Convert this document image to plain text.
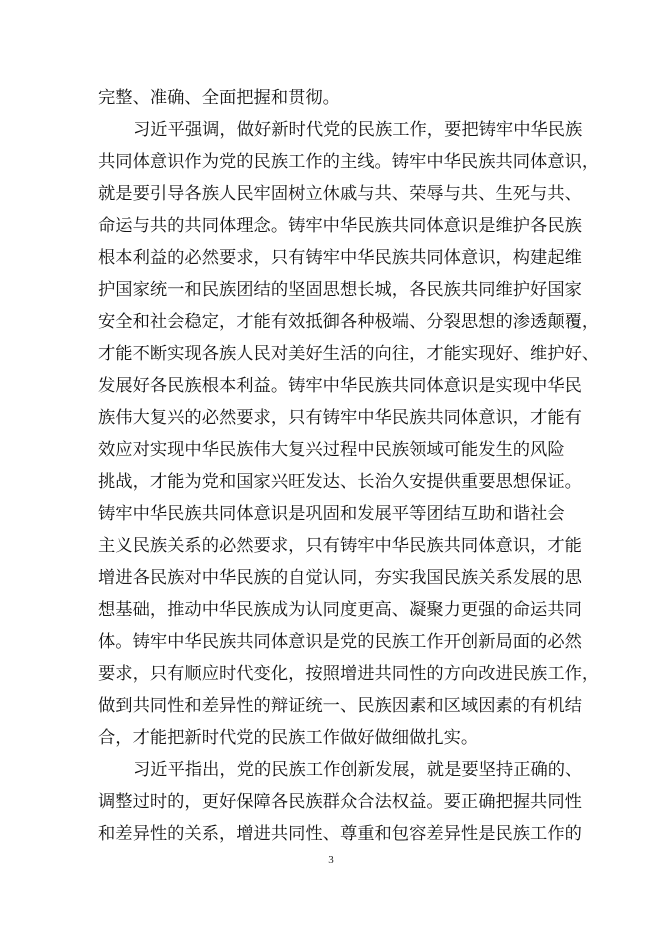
完整、准确、全面把握和贯彻。
习近平强调，做好新时代党的民族工作，要把铸牢中华民族
共同体意识作为党的民族工作的主线。铸牢中华民族共同体意识，
就是要引导各族人民牢固树立休戚与共、荣辱与共、生死与共、
命运与共的共同体理念。铸牢中华民族共同体意识是维护各民族
根本利益的必然要求，只有铸牢中华民族共同体意识，构建起维
护国家统一和民族团结的坚固思想长城，各民族共同维护好国家
安全和社会稳定，才能有效抵御各种极端、分裂思想的渗透颠覆，
才能不断实现各族人民对美好生活的向往，才能实现好、维护好、
发展好各民族根本利益。铸牢中华民族共同体意识是实现中华民
族伟大复兴的必然要求，只有铸牢中华民族共同体意识，才能有
效应对实现中华民族伟大复兴过程中民族领域可能发生的风险
挑战，才能为党和国家兴旺发达、长治久安提供重要思想保证。
铸牢中华民族共同体意识是巩固和发展平等团结互助和谐社会
主义民族关系的必然要求，只有铸牢中华民族共同体意识，才能
增进各民族对中华民族的自觉认同，夯实我国民族关系发展的思
想基础，推动中华民族成为认同度更高、凝聚力更强的命运共同
体。铸牢中华民族共同体意识是党的民族工作开创新局面的必然
要求，只有顺应时代变化，按照增进共同性的方向改进民族工作，
做到共同性和差异性的辩证统一、民族因素和区域因素的有机结
合，才能把新时代党的民族工作做好做细做扎实。
习近平指出，党的民族工作创新发展，就是要坚持正确的、
调整过时的，更好保障各民族群众合法权益。要正确把握共同性
和差异性的关系，增进共同性、尊重和包容差异性是民族工作的
3
